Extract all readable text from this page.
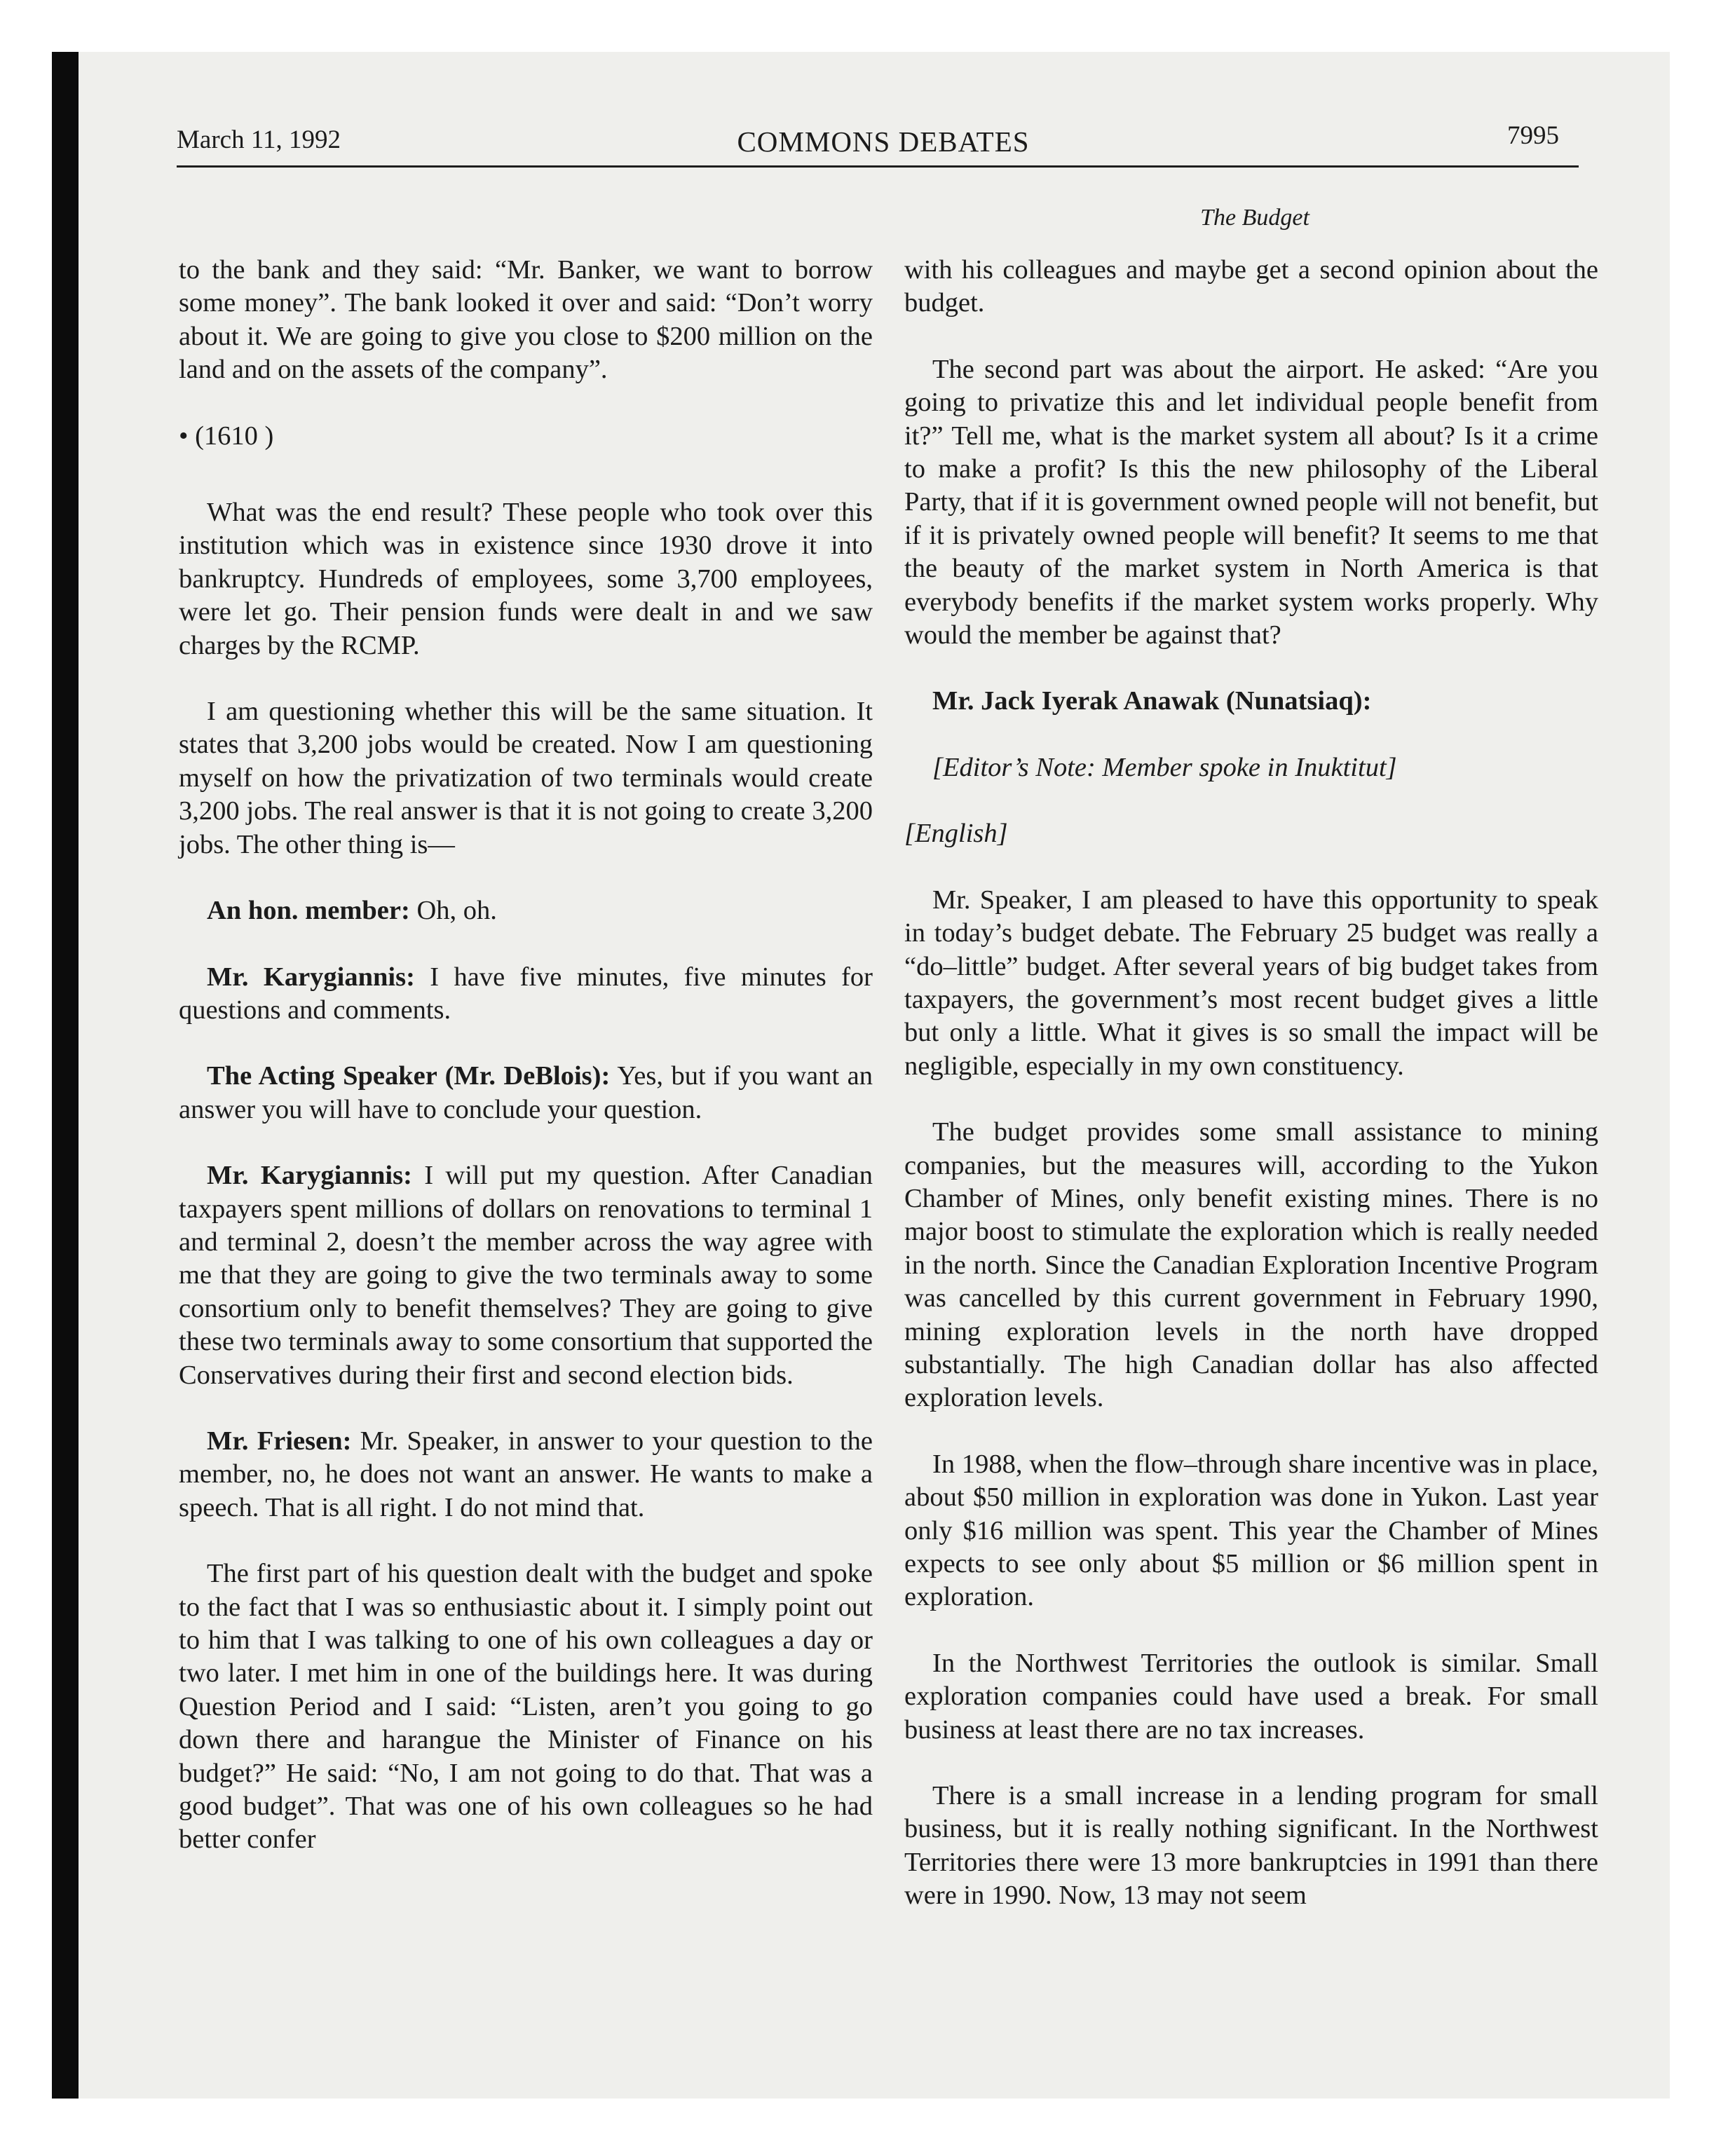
March 11, 1992	COMMONS DEBATES	7995
The Budget

to the bank and they said: “Mr. Banker, we want to borrow some money”. The bank looked it over and said: “Don’t worry about it. We are going to give you close to $200 million on the land and on the assets of the company”.

• (1610 )

What was the end result? These people who took over this institution which was in existence since 1930 drove it into bankruptcy. Hundreds of employees, some 3,700 employees, were let go. Their pension funds were dealt in and we saw charges by the RCMP.

I am questioning whether this will be the same situation. It states that 3,200 jobs would be created. Now I am questioning myself on how the privatization of two terminals would create 3,200 jobs. The real answer is that it is not going to create 3,200 jobs. The other thing is—

An hon. member: Oh, oh.

Mr. Karygiannis: I have five minutes, five minutes for questions and comments.

The Acting Speaker (Mr. DeBlois): Yes, but if you want an answer you will have to conclude your question.

Mr. Karygiannis: I will put my question. After Canadian taxpayers spent millions of dollars on renovations to terminal 1 and terminal 2, doesn’t the member across the way agree with me that they are going to give the two terminals away to some consortium only to benefit themselves? They are going to give these two terminals away to some consortium that supported the Conservatives during their first and second election bids.

Mr. Friesen: Mr. Speaker, in answer to your question to the member, no, he does not want an answer. He wants to make a speech. That is all right. I do not mind that.

The first part of his question dealt with the budget and spoke to the fact that I was so enthusiastic about it. I simply point out to him that I was talking to one of his own colleagues a day or two later. I met him in one of the buildings here. It was during Question Period and I said: “Listen, aren’t you going to go down there and harangue the Minister of Finance on his budget?” He said: “No, I am not going to do that. That was a good budget”. That was one of his own colleagues so he had better confer

with his colleagues and maybe get a second opinion about the budget.

The second part was about the airport. He asked: “Are you going to privatize this and let individual people benefit from it?” Tell me, what is the market system all about? Is it a crime to make a profit? Is this the new philosophy of the Liberal Party, that if it is government owned people will not benefit, but if it is privately owned people will benefit? It seems to me that the beauty of the market system in North America is that everybody benefits if the market system works properly. Why would the member be against that?

Mr. Jack Iyerak Anawak (Nunatsiaq):

[Editor’s Note: Member spoke in Inuktitut]

[English]

Mr. Speaker, I am pleased to have this opportunity to speak in today’s budget debate. The February 25 budget was really a “do–little” budget. After several years of big budget takes from taxpayers, the government’s most recent budget gives a little but only a little. What it gives is so small the impact will be negligible, especially in my own constituency.

The budget provides some small assistance to mining companies, but the measures will, according to the Yukon Chamber of Mines, only benefit existing mines. There is no major boost to stimulate the exploration which is really needed in the north. Since the Canadian Exploration Incentive Program was cancelled by this current government in February 1990, mining exploration levels in the north have dropped substantially. The high Canadian dollar has also affected exploration levels.

In 1988, when the flow–through share incentive was in place, about $50 million in exploration was done in Yukon. Last year only $16 million was spent. This year the Chamber of Mines expects to see only about $5 million or $6 million spent in exploration.

In the Northwest Territories the outlook is similar. Small exploration companies could have used a break. For small business at least there are no tax increases.

There is a small increase in a lending program for small business, but it is really nothing significant. In the Northwest Territories there were 13 more bankruptcies in 1991 than there were in 1990. Now, 13 may not seem
